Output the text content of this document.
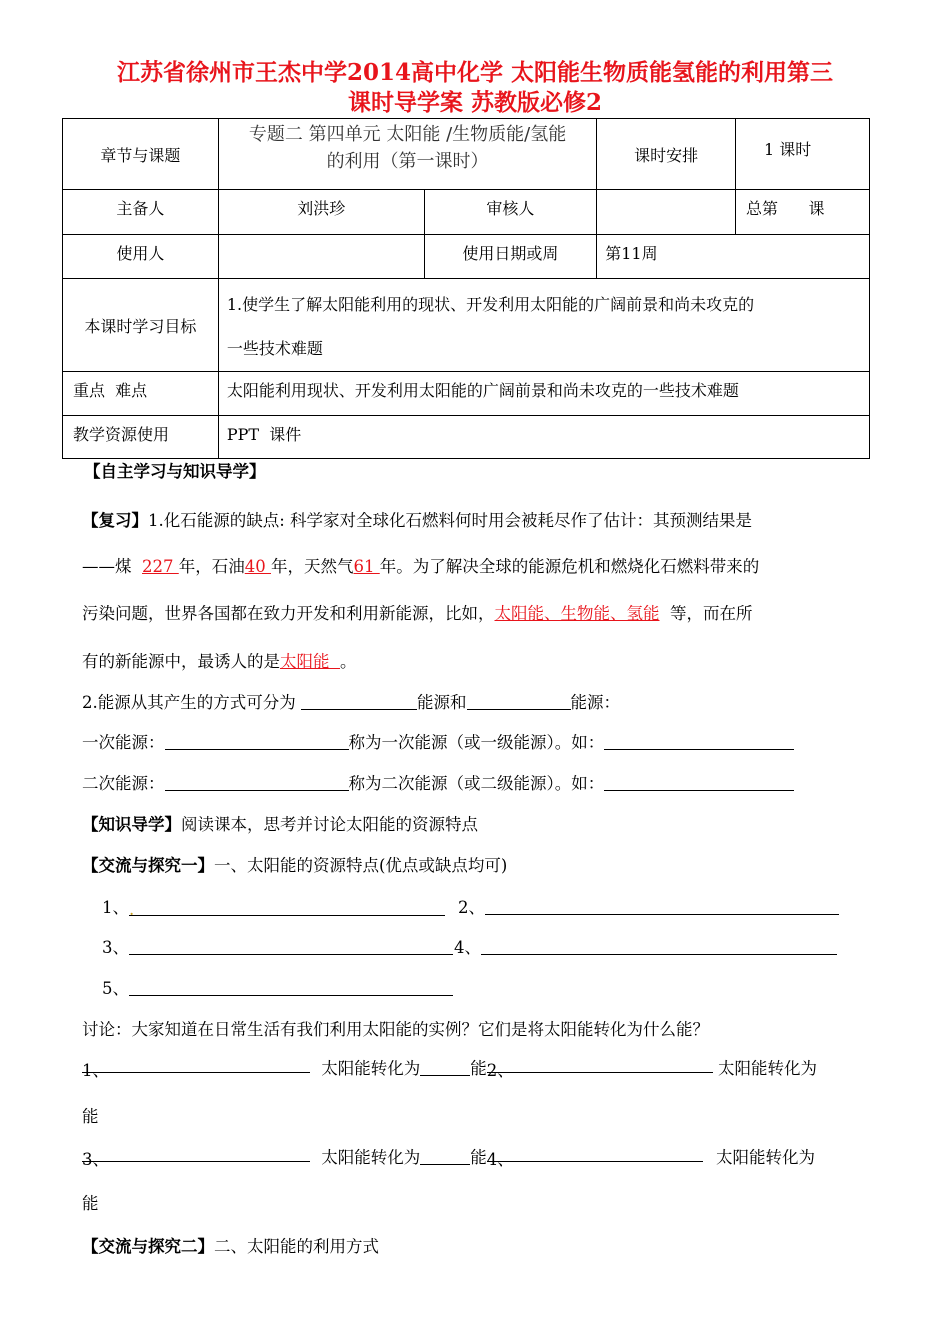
江苏省徐州市王杰中学2014高中化学 太阳能生物质能氢能的利用第三
课时导学案 苏教版必修2
章节与课题	专题二 第四单元 太阳能 /生物质能/氢能
的利用（第一课时）		课时安排	1 课时
主备人	刘洪珍	审核人		总第      课
使用人		使用日期或周	第11周	
本课时学习目标	1.使学生了解太阳能利用的现状、开发利用太阳能的广阔前景和尚未攻克的
一些技术难题			

重点  难点	太阳能利用现状、开发利用太阳能的广阔前景和尚未攻克的一些技术难题			
教学资源使用	PPT  课件			
【自主学习与知识导学】
【复习】1.化石能源的缺点: 科学家对全球化石燃料何时用会被耗尽作了估计：其预测结果是
——煤  227 年，石油40 年，天然气61 年。为了解决全球的能源危机和燃烧化石燃料带来的
污染问题，世界各国都在致力开发和利用新能源，比如，太阳能、生物能、氢能  等，而在所
有的新能源中，最诱人的是太阳能  。
2.能源从其产生的方式可分为	能源和	能源：
一次能源：	称为一次能源（或一级能源）。如：
二次能源：	称为二次能源（或二级能源）。如：
【知识导学】阅读课本，思考并讨论太阳能的资源特点
【交流与探究一】一、太阳能的资源特点(优点或缺点均可)
1、.	2、
3、	4、
5、
讨论：大家知道在日常生活有我们利用太阳能的实例？它们是将太阳能转化为什么能？
1、	太阳能转化为	能2、	太阳能转化为
能
3、	太阳能转化为	能4、	太阳能转化为
能
【交流与探究二】二、太阳能的利用方式
